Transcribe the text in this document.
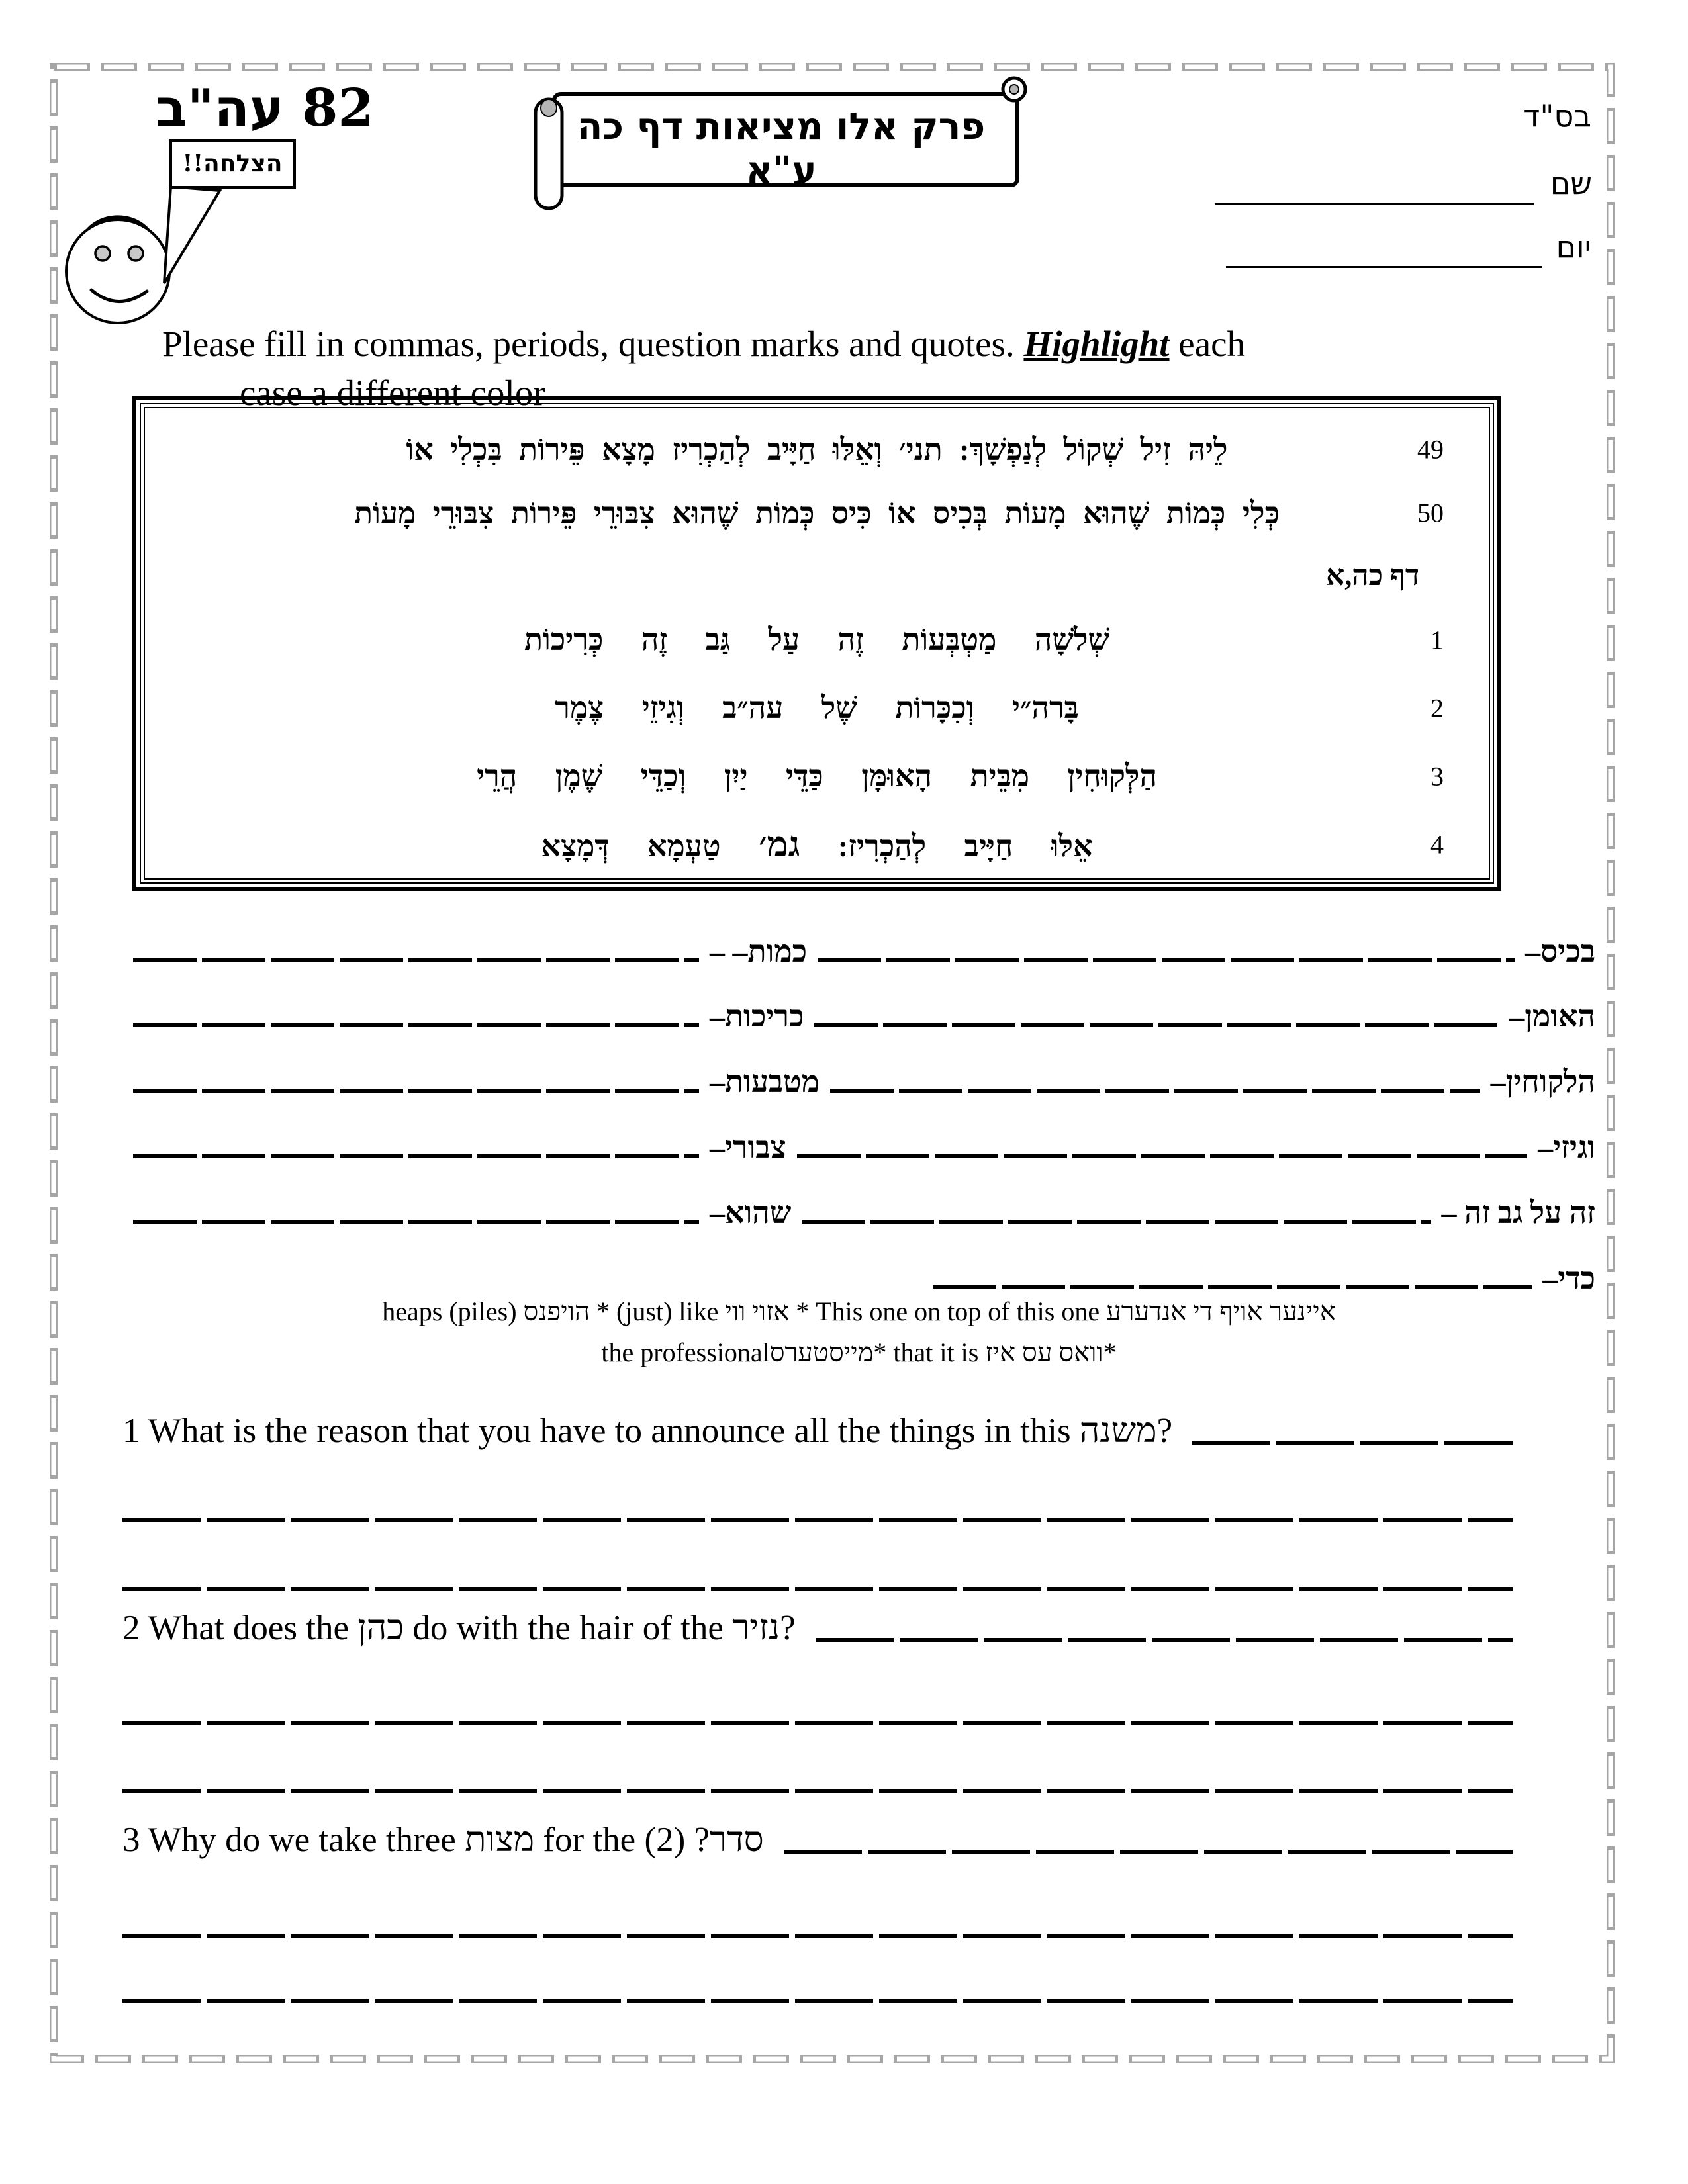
82 עה"ב
הצלחה!!
פרק אלו מציאות דף כה ע"א
בס"ד
שם
יום
Please fill in commas, periods, question marks and quotes. Highlight each
case a different color
49
לֵיהּ זִיל שְׁקוֹל לְנַפְשָׁךְ: תני׳ וְאֵלּוּ חַיָּיב לְהַכְרִיז מָצָא פֵּירוֹת בִּכְלִי אוֹ
50
כְּלִי כְּמוֹת שֶׁהוּא מָעוֹת בְּכִיס אוֹ כִּיס כְּמוֹת שֶׁהוּא צִבּוּרֵי פֵּירוֹת צִבּוּרֵי מָעוֹת
דף כה,א
1
שְׁלֹשָׁה מַטְבְּעוֹת זֶה עַל גַּב זֶה כְּרִיכוֹת
2
בָּרה״י וְכִכָּרוֹת שֶׁל עה״ב וְגִיזֵי צֶמֶר
3
הַלְּקוּחִין מִבֵּית הָאוּמָּן כַּדֵּי יַיִן וְכַדֵּי שֶׁמֶן הֲרֵי
4
אֵלּוּ חַיָּיב לְהַכְרִיז: גמ׳ טַעְמָא דְּמָצָא
בכיס–
כמות– –
האומן–
כריכות–
הלקוחין–
מטבעות–
וגיזי–
צבורי–
זה על גב זה –
שהוא–
כדי–
heaps (piles) הויפנס * (just) like אזוי ווי * This one on top of this one איינער אויף די אנדערע
the professionalמייסטערס* that it is וואס עס איז*
1 What is the reason that you have to announce all the things in this משנה?
2 What does the כהן do with the hair of the נזיר?
3 Why do we take three מצות for the סדר? (2)
